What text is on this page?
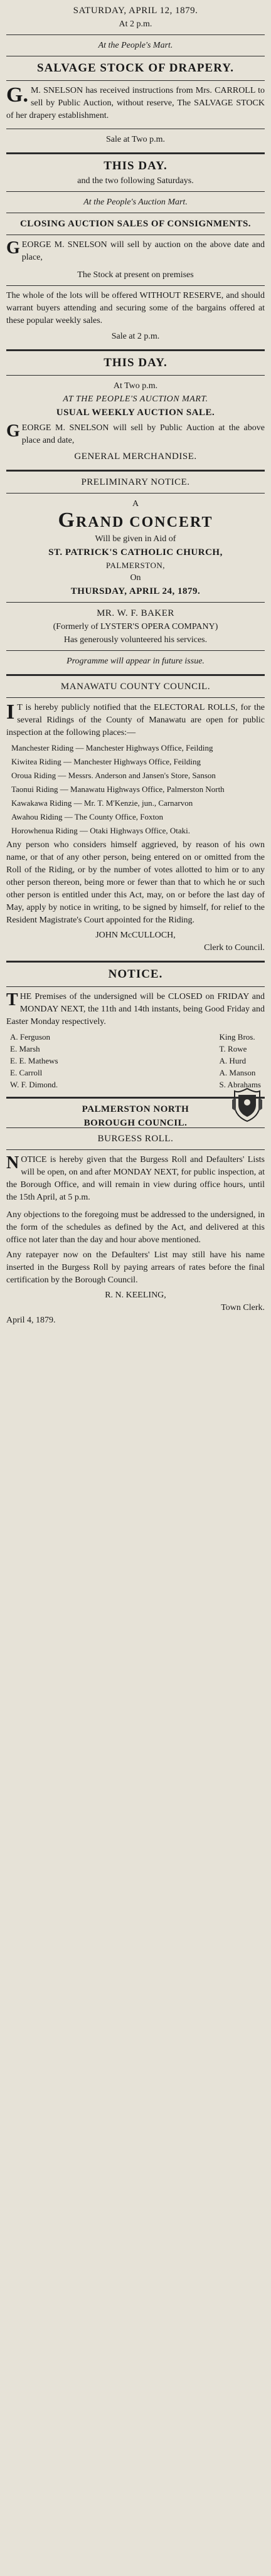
SATURDAY, APRIL 12, 1879.
At 2 p.m.
At the People's Mart.
SALVAGE STOCK OF DRAPERY.
G. M. SNELSON has received instructions from Mrs. CARROLL to sell by Public Auction, without reserve, The SALVAGE STOCK of her drapery establishment.
Sale at Two p.m.
THIS DAY.
and the two following Saturdays.
At the People's Auction Mart.
CLOSING AUCTION SALES OF CONSIGNMENTS.
G EORGE M. SNELSON will sell by auction on the above date and place,
The Stock at present on premises
The whole of the lots will be offered WITHOUT RESERVE, and should warrant buyers attending and securing some of the bargains offered at these popular weekly sales.
Sale at 2 p.m.
THIS DAY.
At Two p.m.
AT THE PEOPLE'S AUCTION MART.
USUAL WEEKLY AUCTION SALE.
G EORGE M. SNELSON will sell by Public Auction at the above place and date,
GENERAL MERCHANDISE.
PRELIMINARY NOTICE.
A
GRAND CONCERT
Will be given in Aid of
ST. PATRICK'S CATHOLIC CHURCH,
PALMERSTON,
On
THURSDAY, APRIL 24, 1879.
MR. W. F. BAKER
(Formerly of LYSTER'S OPERA COMPANY)
Has generously volunteered his services.
Programme will appear in future issue.
MANAWATU COUNTY COUNCIL.
I T is hereby publicly notified that the ELECTORAL ROLLS, for the several Ridings of the County of Manawatu are open for public inspection at the following places:—
Manchester Riding — Manchester Highways Office, Feilding
Kiwitea Riding — Manchester Highways Office, Feilding
Oroua Riding — Messrs. Anderson and Jansen's Store, Sanson
Taonui Riding — Manawatu Highways Office, Palmerston North
Kawakawa Riding — Mr. T. M'Kenzie, jun., Carnarvon
Awahou Riding — The County Office, Foxton
Horowhenua Riding — Otaki Highways Office, Otaki.
Any person who considers himself aggrieved, by reason of his own name, or that of any other person, being entered on or omitted from the Roll of the Riding, or by the number of votes allotted to him or to any other person thereon, being more or fewer than that to which he or such other person is entitled under this Act, may, on or before the last day of May, apply by notice in writing, to be signed by himself, for relief to the Resident Magistrate's Court appointed for the Riding.
JOHN McCULLOCH,
Clerk to Council.
NOTICE.
T HE Premises of the undersigned will be CLOSED on FRIDAY and MONDAY NEXT, the 11th and 14th instants, being Good Friday and Easter Monday respectively.
A. Ferguson
E. Marsh
E. E. Mathews
E. Carroll
W. F. Dimond.
King Bros.
T. Rowe
A. Hurd
A. Manson
S. Abrahams
PALMERSTON NORTH
BOROUGH COUNCIL.
BURGESS ROLL.
N OTICE is hereby given that the Burgess Roll and Defaulters' Lists will be open, on and after MONDAY NEXT, for public inspection, at the Borough Office, and will remain in view during office hours, until the 15th April, at 5 p.m.
Any objections to the foregoing must be addressed to the undersigned, in the form of the schedules as defined by the Act, and delivered at this office not later than the day and hour above mentioned.
Any ratepayer now on the Defaulters' List may still have his name inserted in the Burgess Roll by paying arrears of rates before the final certification by the Borough Council.
R. N. KEELING,
Town Clerk.
April 4, 1879.
